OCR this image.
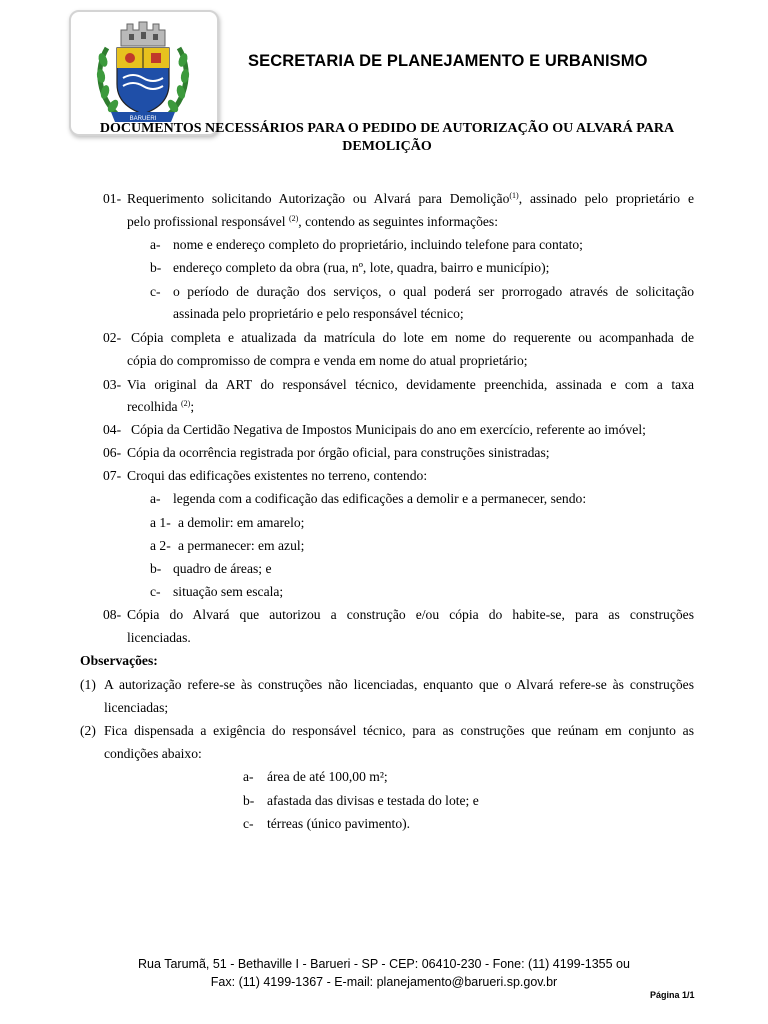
BARUERI
SECRETARIA DE PLANEJAMENTO E URBANISMO
DOCUMENTOS NECESSÁRIOS PARA O PEDIDO DE AUTORIZAÇÃO OU ALVARÁ PARA
DEMOLIÇÃO
01- Requerimento solicitando Autorização ou Alvará para Demolição$^{(1)}$, assinado pelo proprietário e
pelo profissional responsável $^{(2)}$, contendo as seguintes informações:
a- nome e endereço completo do proprietário, incluindo telefone para contato;
b- endereço completo da obra (rua, nº, lote, quadra, bairro e município);
c- o período de duração dos serviços, o qual poderá ser prorrogado através de solicitação
assinada pelo proprietário e pelo responsável técnico;
02- Cópia completa e atualizada da matrícula do lote em nome do requerente ou acompanhada de
cópia do compromisso de compra e venda em nome do atual proprietário;
03- Via original da ART do responsável técnico, devidamente preenchida, assinada e com a taxa
recolhida $^{(2)}$;
04- Cópia da Certidão Negativa de Impostos Municipais do ano em exercício, referente ao imóvel;
06- Cópia da ocorrência registrada por órgão oficial, para construções sinistradas;
07- Croqui das edificações existentes no terreno, contendo:
a- legenda com a codificação das edificações a demolir e a permanecer, sendo:
a 1- a demolir: em amarelo;
a 2- a permanecer: em azul;
b- quadro de áreas; e
c- situação sem escala;
08- Cópia do Alvará que autorizou a construção e/ou cópia do habite-se, para as construções
licenciadas.
Observações:
(1) A autorização refere-se às construções não licenciadas, enquanto que o Alvará refere-se às construções
licenciadas;
(2) Fica dispensada a exigência do responsável técnico, para as construções que reúnam em conjunto as
condições abaixo:
a- área de até 100,00 m²;
b- afastada das divisas e testada do lote; e
c- térreas (único pavimento).
Rua Tarumã, 51 - Bethaville I - Barueri - SP - CEP: 06410-230 - Fone: (11) 4199-1355 ou
Fax: (11) 4199-1367 - E-mail: planejamento@barueri.sp.gov.br
Página 1/1
